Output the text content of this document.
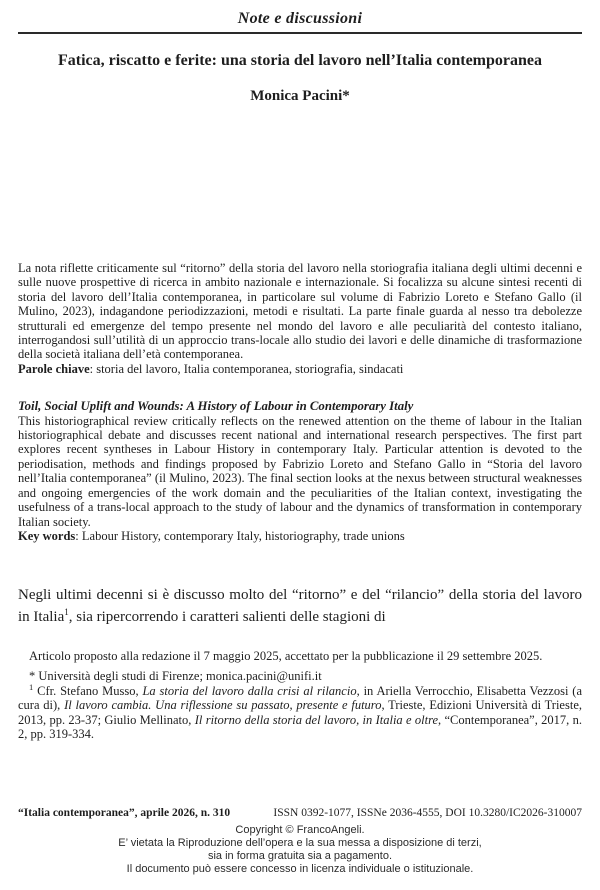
Note e discussioni
Fatica, riscatto e ferite: una storia del lavoro nell’Italia contemporanea
Monica Pacini*

La nota riflette criticamente sul “ritorno” della storia del lavoro nella storiografia italiana degli ultimi decenni e sulle nuove prospettive di ricerca in ambito nazionale e internazionale. Si focalizza su alcune sintesi recenti di storia del lavoro dell’Italia contemporanea, in particolare sul volume di Fabrizio Loreto e Stefano Gallo (il Mulino, 2023), indagandone periodizzazioni, metodi e risultati. La parte finale guarda al nesso tra debolezze strutturali ed emergenze del tempo presente nel mondo del lavoro e alle peculiarità del contesto italiano, interrogandosi sull’utilità di un approccio trans-locale allo studio dei lavori e delle dinamiche di trasformazione della società italiana dell’età contemporanea.

Parole chiave: storia del lavoro, Italia contemporanea, storiografia, sindacati

Toil, Social Uplift and Wounds: A History of Labour in Contemporary Italy

This historiographical review critically reflects on the renewed attention on the theme of labour in the Italian historiographical debate and discusses recent national and international research perspectives. The first part explores recent syntheses in Labour History in contemporary Italy. Particular attention is devoted to the periodisation, methods and findings proposed by Fabrizio Loreto and Stefano Gallo in “Storia del lavoro nell’Italia contemporanea” (il Mulino, 2023). The final section looks at the nexus between structural weaknesses and ongoing emergencies of the work domain and the peculiarities of the Italian context, investigating the usefulness of a trans-local approach to the study of labour and the dynamics of transformation in contemporary Italian society.

Key words: Labour History, contemporary Italy, historiography, trade unions

Negli ultimi decenni si è discusso molto del “ritorno” e del “rilancio” della storia del lavoro in Italia$^1$, sia ripercorrendo i caratteri salienti delle stagioni di

Articolo proposto alla redazione il 7 maggio 2025, accettato per la pubblicazione il 29 settembre 2025.

* Università degli studi di Firenze; monica.pacini@unifi.it

$^1$ Cfr. Stefano Musso, La storia del lavoro dalla crisi al rilancio, in Ariella Verrocchio, Elisabetta Vezzosi (a cura di), Il lavoro cambia. Una riflessione su passato, presente e futuro, Trieste, Edizioni Università di Trieste, 2013, pp. 23-37; Giulio Mellinato, Il ritorno della storia del lavoro, in Italia e oltre, “Contemporanea”, 2017, n. 2, pp. 319-334.

“Italia contemporanea”, aprile 2026, n. 310	ISSN 0392-1077, ISSNe 2036-4555, DOI 10.3280/IC2026-310007
Copyright © FrancoAngeli.
E’ vietata la Riproduzione dell’opera e la sua messa a disposizione di terzi,
sia in forma gratuita sia a pagamento.
Il documento può essere concesso in licenza individuale o istituzionale.
